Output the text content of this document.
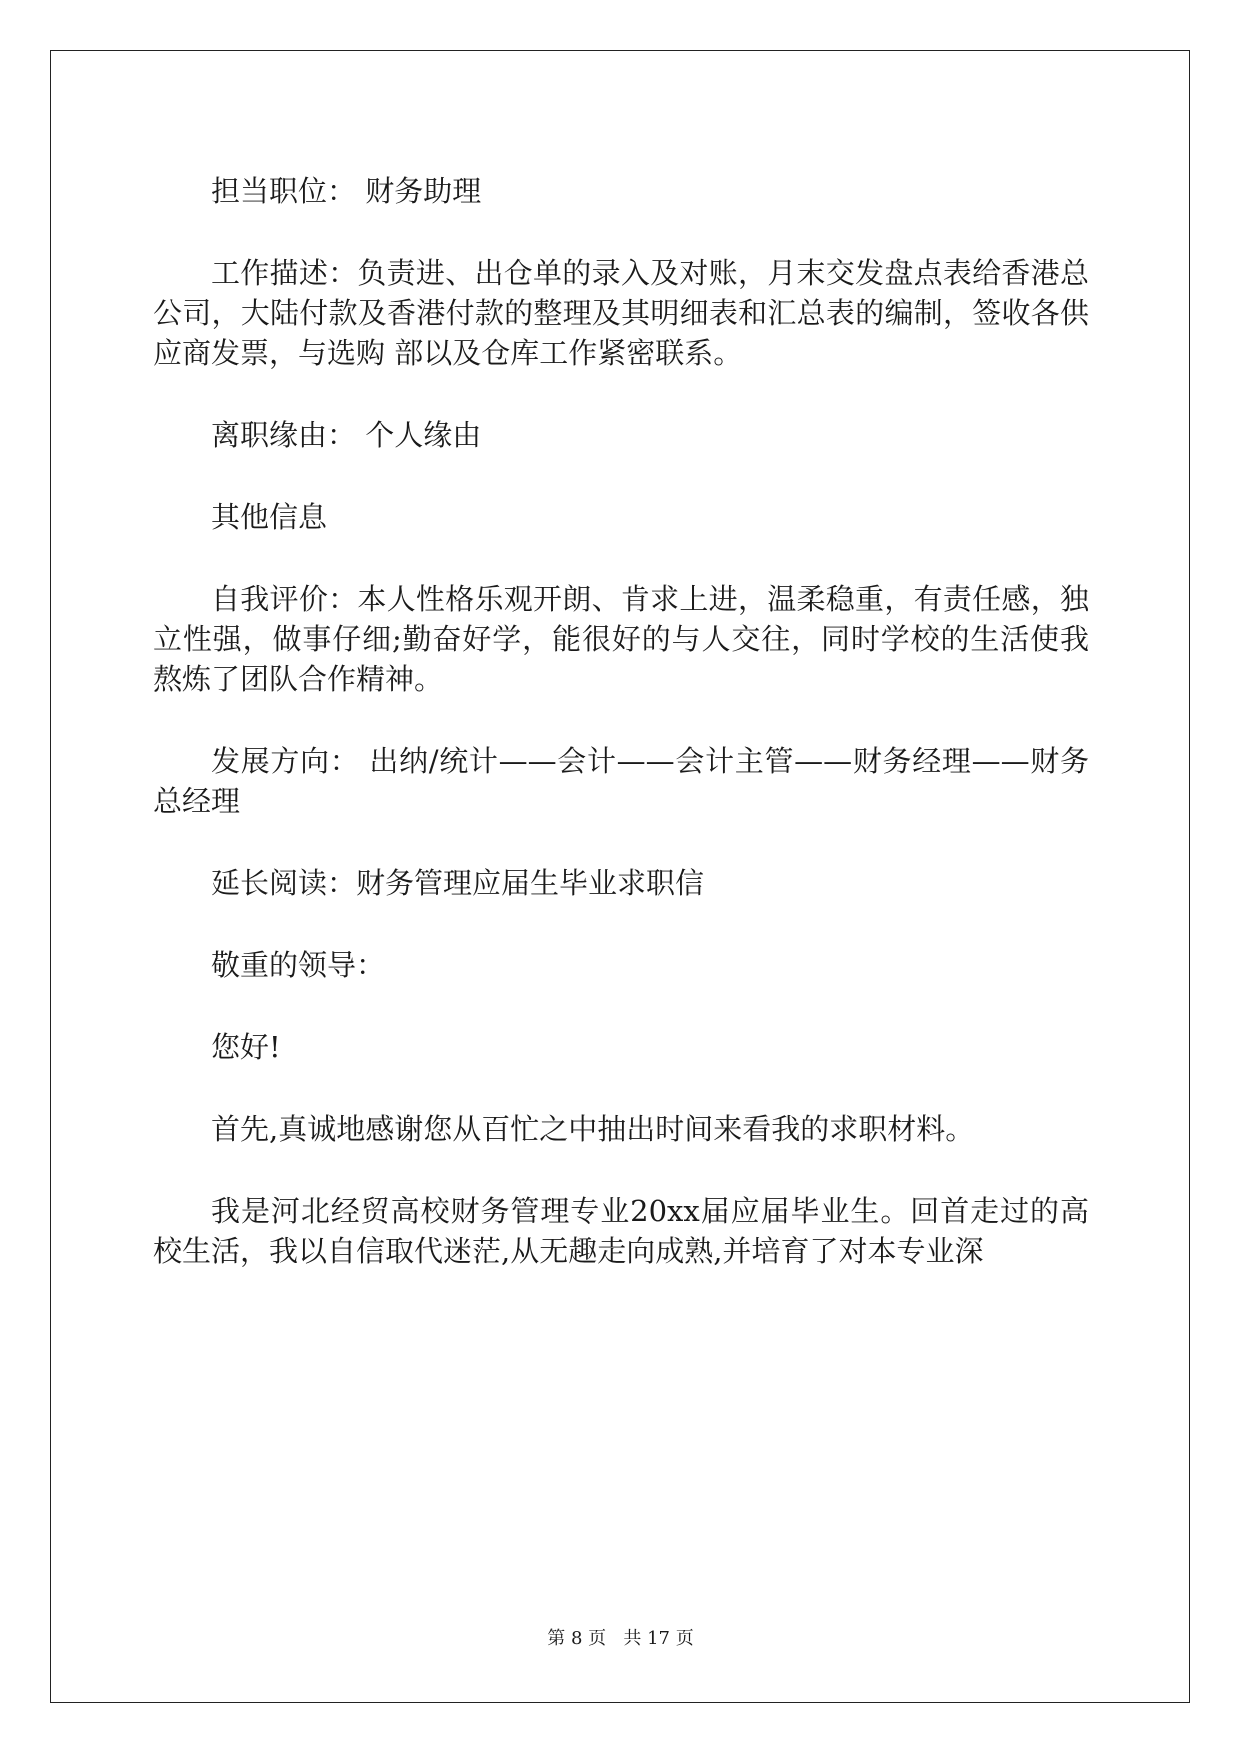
担当职位： 财务助理

工作描述：负责进、出仓单的录入及对账，月末交发盘点表给香港总公司，大陆付款及香港付款的整理及其明细表和汇总表的编制，签收各供应商发票，与选购 部以及仓库工作紧密联系。

离职缘由： 个人缘由

其他信息

自我评价：本人性格乐观开朗、肯求上进，温柔稳重，有责任感，独立性强，做事仔细;勤奋好学，能很好的与人交往，同时学校的生活使我熬炼了团队合作精神。

发展方向： 出纳/统计——会计——会计主管——财务经理——财务总经理

延长阅读：财务管理应届生毕业求职信

敬重的领导：

您好!

首先,真诚地感谢您从百忙之中抽出时间来看我的求职材料。

我是河北经贸高校财务管理专业20xx届应届毕业生。回首走过的高校生活，我以自信取代迷茫,从无趣走向成熟,并培育了对本专业深

第 8 页   共 17 页
